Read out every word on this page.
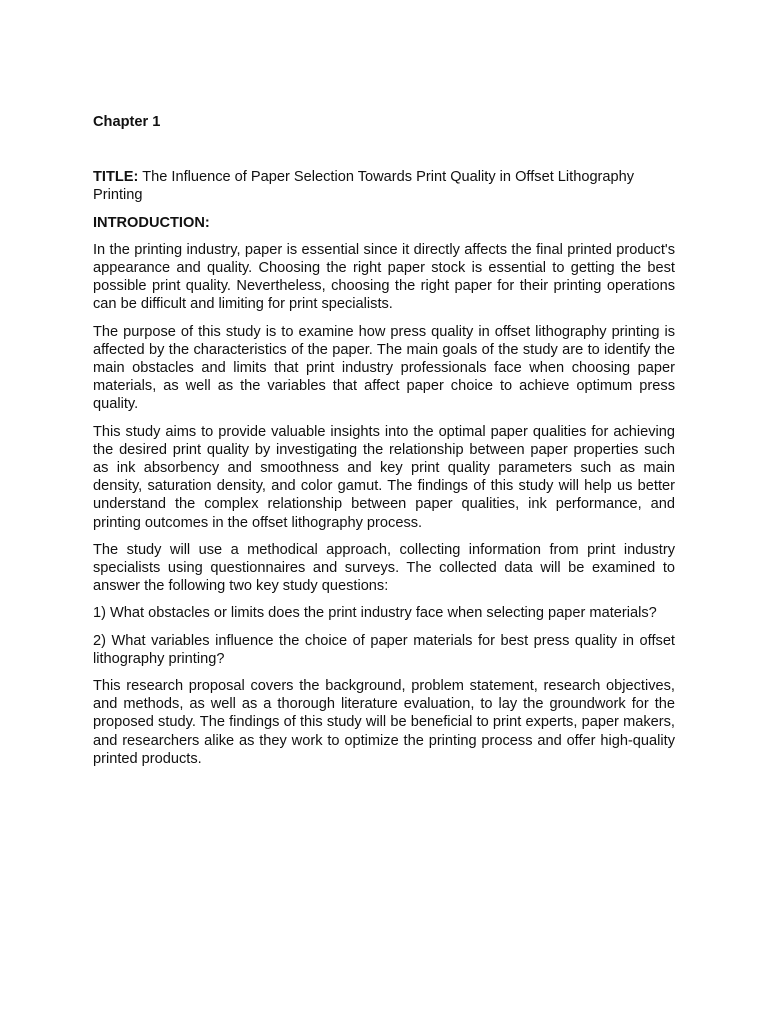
Chapter 1

TITLE: The Influence of Paper Selection Towards Print Quality in Offset Lithography Printing

INTRODUCTION:

In the printing industry, paper is essential since it directly affects the final printed product's appearance and quality. Choosing the right paper stock is essential to getting the best possible print quality. Nevertheless, choosing the right paper for their printing operations can be difficult and limiting for print specialists.

The purpose of this study is to examine how press quality in offset lithography printing is affected by the characteristics of the paper. The main goals of the study are to identify the main obstacles and limits that print industry professionals face when choosing paper materials, as well as the variables that affect paper choice to achieve optimum press quality.

This study aims to provide valuable insights into the optimal paper qualities for achieving the desired print quality by investigating the relationship between paper properties such as ink absorbency and smoothness and key print quality parameters such as main density, saturation density, and color gamut. The findings of this study will help us better understand the complex relationship between paper qualities, ink performance, and printing outcomes in the offset lithography process.

The study will use a methodical approach, collecting information from print industry specialists using questionnaires and surveys. The collected data will be examined to answer the following two key study questions:

1) What obstacles or limits does the print industry face when selecting paper materials?

2) What variables influence the choice of paper materials for best press quality in offset lithography printing?

This research proposal covers the background, problem statement, research objectives, and methods, as well as a thorough literature evaluation, to lay the groundwork for the proposed study. The findings of this study will be beneficial to print experts, paper makers, and researchers alike as they work to optimize the printing process and offer high-quality printed products.
